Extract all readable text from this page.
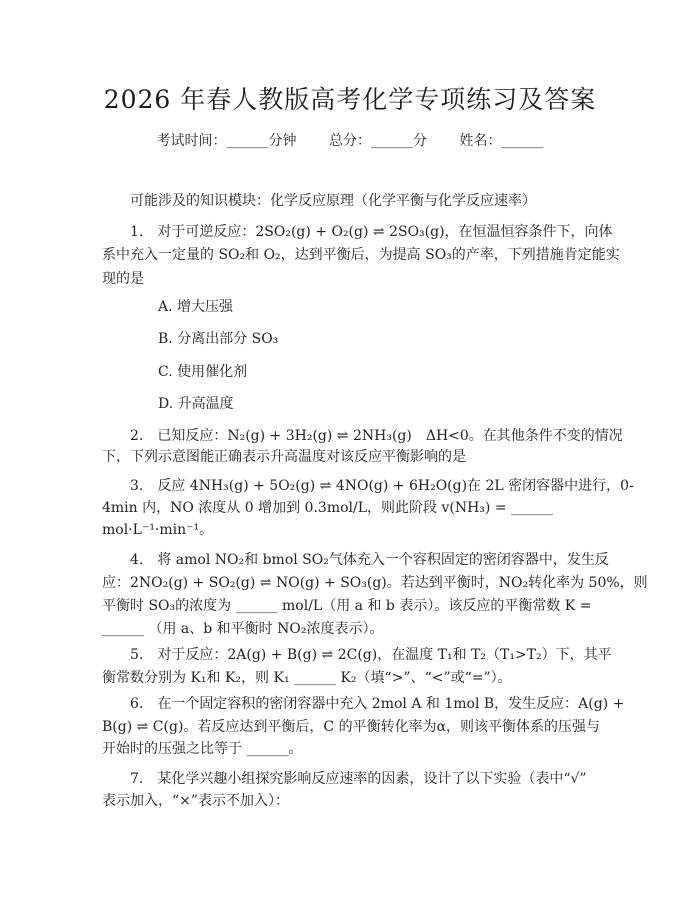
2026 年春人教版高考化学专项练习及答案
考试时间：______分钟 总分：______分 姓名：______
可能涉及的知识模块：化学反应原理（化学平衡与化学反应速率）
1.　对于可逆反应：2SO₂(g) + O₂(g) ⇌ 2SO₃(g)，在恒温恒容条件下，向体
系中充入一定量的 SO₂和 O₂，达到平衡后，为提高 SO₃的产率，下列措施肯定能实
现的是
A. 增大压强
B. 分离出部分 SO₃
C. 使用催化剂
D. 升高温度
2.　已知反应：N₂(g) + 3H₂(g) ⇌ 2NH₃(g)　ΔH<0。在其他条件不变的情况
下，下列示意图能正确表示升高温度对该反应平衡影响的是
3.　反应 4NH₃(g) + 5O₂(g) ⇌ 4NO(g) + 6H₂O(g)在 2L 密闭容器中进行，0-
4min 内，NO 浓度从 0 增加到 0.3mol/L，则此阶段 v(NH₃) = ______
mol·L⁻¹·min⁻¹。
4.　将 amol NO₂和 bmol SO₂气体充入一个容积固定的密闭容器中，发生反
应：2NO₂(g) + SO₂(g) ⇌ NO(g) + SO₃(g)。若达到平衡时，NO₂转化率为 50%，则
平衡时 SO₃的浓度为 ______ mol/L（用 a 和 b 表示）。该反应的平衡常数 K =
______ （用 a、b 和平衡时 NO₂浓度表示）。
5.　对于反应：2A(g) + B(g) ⇌ 2C(g)，在温度 T₁和 T₂（T₁>T₂）下，其平
衡常数分别为 K₁和 K₂，则 K₁ ______ K₂（填“>”、“<”或“=”）。
6.　在一个固定容积的密闭容器中充入 2mol A 和 1mol B，发生反应：A(g) +
B(g) ⇌ C(g)。若反应达到平衡后，C 的平衡转化率为α，则该平衡体系的压强与
开始时的压强之比等于 ______。
7.　某化学兴趣小组探究影响反应速率的因素，设计了以下实验（表中“√”
表示加入，“×”表示不加入）：
